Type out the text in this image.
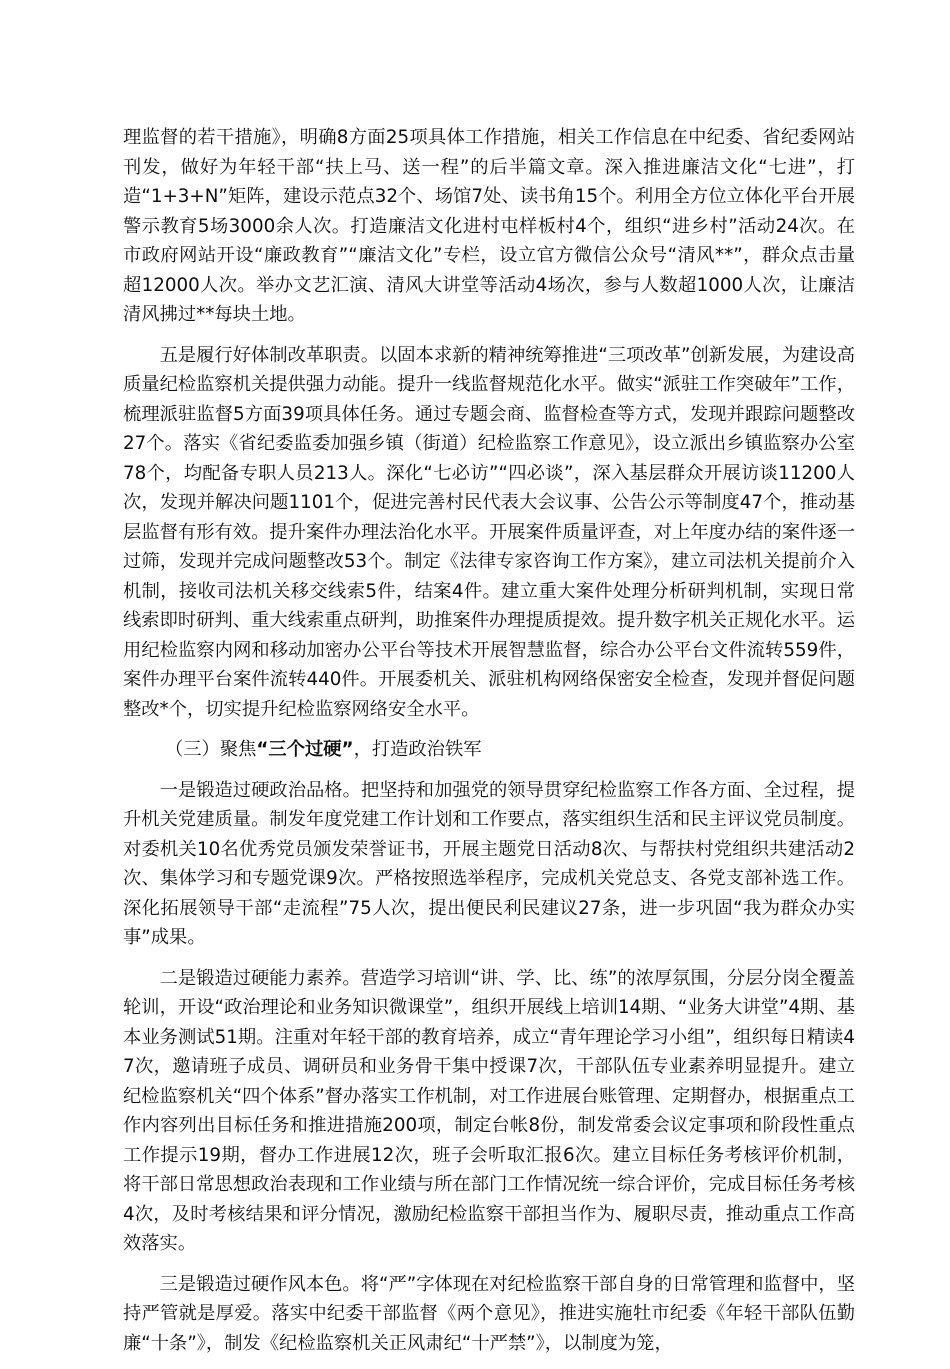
理监督的若干措施》，明确8方面25项具体工作措施，相关工作信息在中纪委、省纪委网站刊发，做好为年轻干部“扶上马、送一程”的后半篇文章。深入推进廉洁文化“七进”，打造“1+3+N”矩阵，建设示范点32个、场馆7处、读书角15个。利用全方位立体化平台开展警示教育5场3000余人次。打造廉洁文化进村屯样板村4个，组织“进乡村”活动24次。在市政府网站开设“廉政教育”“廉洁文化”专栏，设立官方微信公众号“清风**”，群众点击量超12000人次。举办文艺汇演、清风大讲堂等活动4场次，参与人数超1000人次，让廉洁清风拂过**每块土地。

五是履行好体制改革职责。以固本求新的精神统筹推进“三项改革”创新发展，为建设高质量纪检监察机关提供强力动能。提升一线监督规范化水平。做实“派驻工作突破年”工作，梳理派驻监督5方面39项具体任务。通过专题会商、监督检查等方式，发现并跟踪问题整改27个。落实《省纪委监委加强乡镇（街道）纪检监察工作意见》，设立派出乡镇监察办公室78个，均配备专职人员213人。深化“七必访”“四必谈”，深入基层群众开展访谈11200人次，发现并解决问题1101个，促进完善村民代表大会议事、公告公示等制度47个，推动基层监督有形有效。提升案件办理法治化水平。开展案件质量评查，对上年度办结的案件逐一过筛，发现并完成问题整改53个。制定《法律专家咨询工作方案》，建立司法机关提前介入机制，接收司法机关移交线索5件，结案4件。建立重大案件处理分析研判机制，实现日常线索即时研判、重大线索重点研判，助推案件办理提质提效。提升数字机关正规化水平。运用纪检监察内网和移动加密办公平台等技术开展智慧监督，综合办公平台文件流转559件，案件办理平台案件流转440件。开展委机关、派驻机构网络保密安全检查，发现并督促问题整改*个，切实提升纪检监察网络安全水平。

（三）聚焦“三个过硬”，打造政治铁军

一是锻造过硬政治品格。把坚持和加强党的领导贯穿纪检监察工作各方面、全过程，提升机关党建质量。制发年度党建工作计划和工作要点，落实组织生活和民主评议党员制度。对委机关10名优秀党员颁发荣誉证书，开展主题党日活动8次、与帮扶村党组织共建活动2次、集体学习和专题党课9次。严格按照选举程序，完成机关党总支、各党支部补选工作。深化拓展领导干部“走流程”75人次，提出便民利民建议27条，进一步巩固“我为群众办实事”成果。

二是锻造过硬能力素养。营造学习培训“讲、学、比、练”的浓厚氛围，分层分岗全覆盖轮训，开设“政治理论和业务知识微课堂”，组织开展线上培训14期、“业务大讲堂”4期、基本业务测试51期。注重对年轻干部的教育培养，成立“青年理论学习小组”，组织每日精读47次，邀请班子成员、调研员和业务骨干集中授课7次，干部队伍专业素养明显提升。建立纪检监察机关“四个体系”督办落实工作机制，对工作进展台账管理、定期督办，根据重点工作内容列出目标任务和推进措施200项，制定台帐8份，制发常委会议定事项和阶段性重点工作提示19期，督办工作进展12次，班子会听取汇报6次。建立目标任务考核评价机制，将干部日常思想政治表现和工作业绩与所在部门工作情况统一综合评价，完成目标任务考核4次，及时考核结果和评分情况，激励纪检监察干部担当作为、履职尽责，推动重点工作高效落实。

三是锻造过硬作风本色。将“严”字体现在对纪检监察干部自身的日常管理和监督中，坚持严管就是厚爱。落实中纪委干部监督《两个意见》，推进实施牡市纪委《年轻干部队伍勤廉“十条”》，制发《纪检监察机关正风肃纪“十严禁”》，以制度为笼，
